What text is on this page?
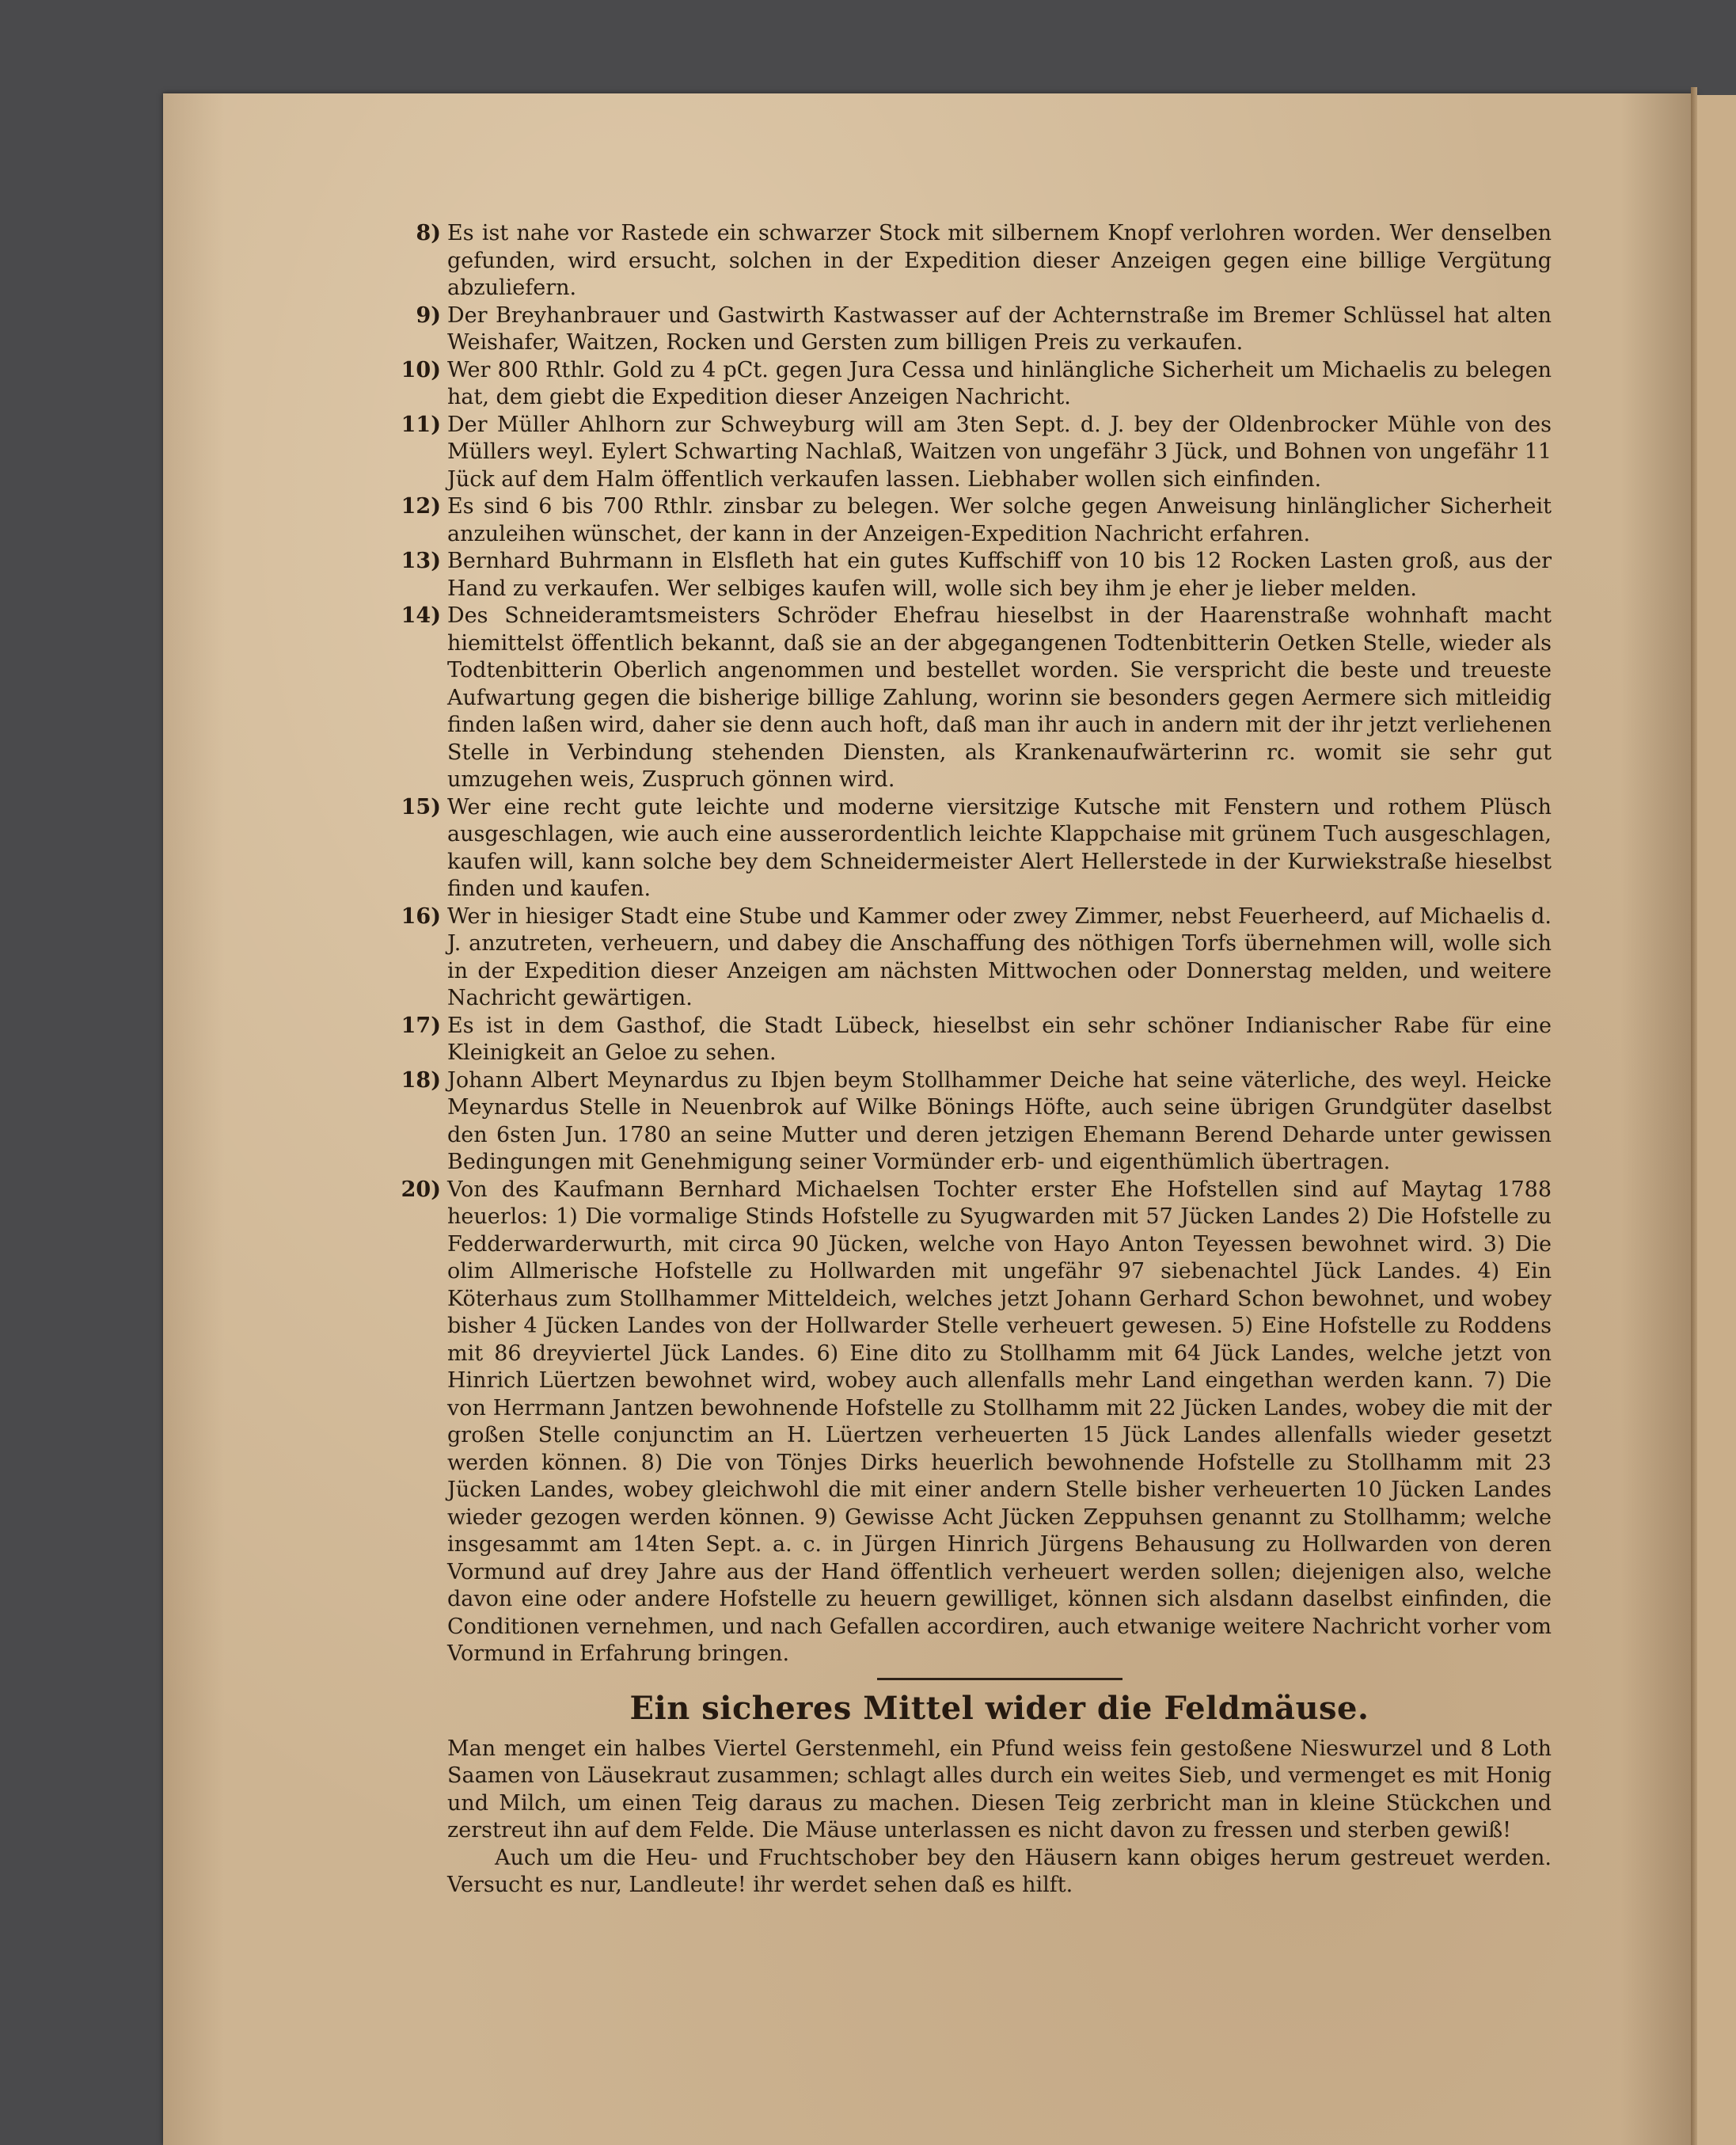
8) Es ist nahe vor Rastede ein schwarzer Stock mit silbernem Knopf verlohren worden. Wer denselben gefunden, wird ersucht, solchen in der Expedition dieser Anzeigen gegen eine billige Vergütung abzuliefern.

9) Der Breyhanbrauer und Gastwirth Kastwasser auf der Achternstraße im Bremer Schlüssel hat alten Weishafer, Waitzen, Rocken und Gersten zum billigen Preis zu verkaufen.

10) Wer 800 Rthlr. Gold zu 4 pCt. gegen Jura Cessa und hinlängliche Sicherheit um Michaelis zu belegen hat, dem giebt die Expedition dieser Anzeigen Nachricht.

11) Der Müller Ahlhorn zur Schweyburg will am 3ten Sept. d. J. bey der Oldenbrocker Mühle von des Müllers weyl. Eylert Schwarting Nachlaß, Waitzen von ungefähr 3 Jück, und Bohnen von ungefähr 11 Jück auf dem Halm öffentlich verkaufen lassen. Liebhaber wollen sich einfinden.

12) Es sind 6 bis 700 Rthlr. zinsbar zu belegen. Wer solche gegen Anweisung hinlänglicher Sicherheit anzuleihen wünschet, der kann in der Anzeigen-Expedition Nachricht erfahren.

13) Bernhard Buhrmann in Elsfleth hat ein gutes Kuffschiff von 10 bis 12 Rocken Lasten groß, aus der Hand zu verkaufen. Wer selbiges kaufen will, wolle sich bey ihm je eher je lieber melden.

14) Des Schneideramtsmeisters Schröder Ehefrau hieselbst in der Haarenstraße wohnhaft macht hiemittelst öffentlich bekannt, daß sie an der abgegangenen Todtenbitterin Oetken Stelle, wieder als Todtenbitterin Oberlich angenommen und bestellet worden. Sie verspricht die beste und treueste Aufwartung gegen die bisherige billige Zahlung, worinn sie besonders gegen Aermere sich mitleidig finden laßen wird, daher sie denn auch hoft, daß man ihr auch in andern mit der ihr jetzt verliehenen Stelle in Verbindung stehenden Diensten, als Krankenaufwärterinn rc. womit sie sehr gut umzugehen weis, Zuspruch gönnen wird.

15) Wer eine recht gute leichte und moderne viersitzige Kutsche mit Fenstern und rothem Plüsch ausgeschlagen, wie auch eine ausserordentlich leichte Klappchaise mit grünem Tuch ausgeschlagen, kaufen will, kann solche bey dem Schneidermeister Alert Hellerstede in der Kurwiekstraße hieselbst finden und kaufen.

16) Wer in hiesiger Stadt eine Stube und Kammer oder zwey Zimmer, nebst Feuerheerd, auf Michaelis d. J. anzutreten, verheuern, und dabey die Anschaffung des nöthigen Torfs übernehmen will, wolle sich in der Expedition dieser Anzeigen am nächsten Mittwochen oder Donnerstag melden, und weitere Nachricht gewärtigen.

17) Es ist in dem Gasthof, die Stadt Lübeck, hieselbst ein sehr schöner Indianischer Rabe für eine Kleinigkeit an Geloe zu sehen.

18) Johann Albert Meynardus zu Ibjen beym Stollhammer Deiche hat seine väterliche, des weyl. Heicke Meynardus Stelle in Neuenbrok auf Wilke Bönings Höfte, auch seine übrigen Grundgüter daselbst den 6sten Jun. 1780 an seine Mutter und deren jetzigen Ehemann Berend Deharde unter gewissen Bedingungen mit Genehmigung seiner Vormünder erb- und eigenthümlich übertragen.

20) Von des Kaufmann Bernhard Michaelsen Tochter erster Ehe Hofstellen sind auf Maytag 1788 heuerlos: 1) Die vormalige Stinds Hofstelle zu Syugwarden mit 57 Jücken Landes 2) Die Hofstelle zu Fedderwarderwurth, mit circa 90 Jücken, welche von Hayo Anton Teyessen bewohnet wird. 3) Die olim Allmerische Hofstelle zu Hollwarden mit ungefähr 97 siebenachtel Jück Landes. 4) Ein Köterhaus zum Stollhammer Mitteldeich, welches jetzt Johann Gerhard Schon bewohnet, und wobey bisher 4 Jücken Landes von der Hollwarder Stelle verheuert gewesen. 5) Eine Hofstelle zu Roddens mit 86 dreyviertel Jück Landes. 6) Eine dito zu Stollhamm mit 64 Jück Landes, welche jetzt von Hinrich Lüertzen bewohnet wird, wobey auch allenfalls mehr Land eingethan werden kann. 7) Die von Herrmann Jantzen bewohnende Hofstelle zu Stollhamm mit 22 Jücken Landes, wobey die mit der großen Stelle conjunctim an H. Lüertzen verheuerten 15 Jück Landes allenfalls wieder gesetzt werden können. 8) Die von Tönjes Dirks heuerlich bewohnende Hofstelle zu Stollhamm mit 23 Jücken Landes, wobey gleichwohl die mit einer andern Stelle bisher verheuerten 10 Jücken Landes wieder gezogen werden können. 9) Gewisse Acht Jücken Zeppuhsen genannt zu Stollhamm; welche insgesammt am 14ten Sept. a. c. in Jürgen Hinrich Jürgens Behausung zu Hollwarden von deren Vormund auf drey Jahre aus der Hand öffentlich verheuert werden sollen; diejenigen also, welche davon eine oder andere Hofstelle zu heuern gewilliget, können sich alsdann daselbst einfinden, die Conditionen vernehmen, und nach Gefallen accordiren, auch etwanige weitere Nachricht vorher vom Vormund in Erfahrung bringen.

Ein sicheres Mittel wider die Feldmäuse.

Man menget ein halbes Viertel Gerstenmehl, ein Pfund weiss fein gestoßene Nieswurzel und 8 Loth Saamen von Läusekraut zusammen; schlagt alles durch ein weites Sieb, und vermenget es mit Honig und Milch, um einen Teig daraus zu machen. Diesen Teig zerbricht man in kleine Stückchen und zerstreut ihn auf dem Felde. Die Mäuse unterlassen es nicht davon zu fressen und sterben gewiß!

Auch um die Heu- und Fruchtschober bey den Häusern kann obiges herum gestreuet werden. Versucht es nur, Landleute! ihr werdet sehen daß es hilft.
